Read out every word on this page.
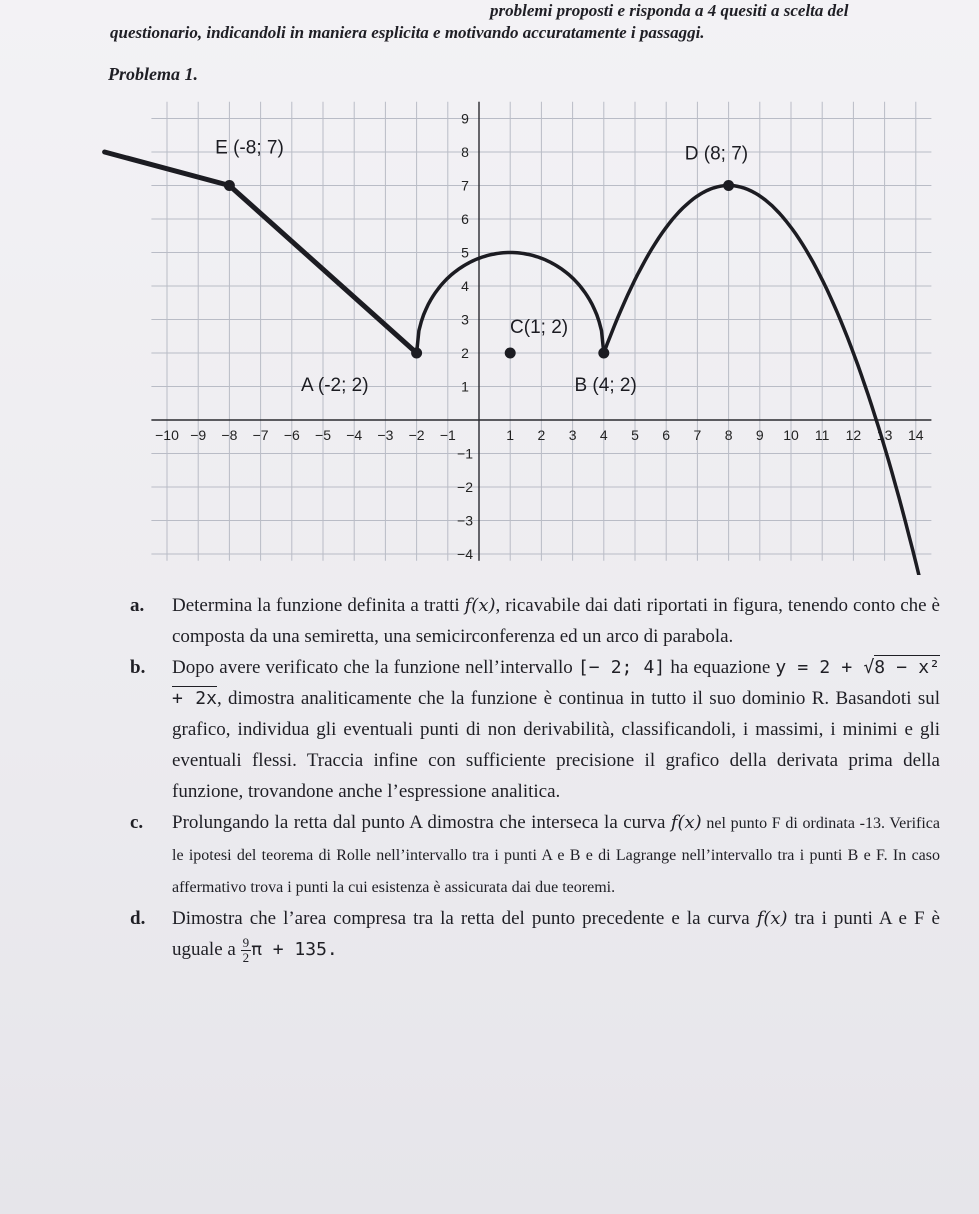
problemi proposti e risponda a 4 quesiti a scelta del
questionario, indicandoli in maniera esplicita e motivando accuratamente i passaggi.
Problema 1.
−10 −9 −8 −7 −6 −5 −4 −3 −2 −1	1 2 3 4 5 6 7 8 9 10 11 12 13 14
1
2
3
4
5
6
7
8
9
−1
−2
−3
−4
E (-8; 7)	D (8; 7)
C(1; 2)
A (-2; 2)	B (4; 2)
a. Determina la funzione definita a tratti f(x), ricavabile dai dati riportati in figura, tenendo conto che è composta da una semiretta, una semicirconferenza ed un arco di parabola.
b. Dopo avere verificato che la funzione nell’intervallo [− 2; 4] ha equazione y = 2 + √8 − x² + 2x, dimostra analiticamente che la funzione è continua in tutto il suo dominio R. Basandoti sul grafico, individua gli eventuali punti di non derivabilità, classificandoli, i massimi, i minimi e gli eventuali flessi. Traccia infine con sufficiente precisione il grafico della derivata prima della funzione, trovandone anche l’espressione analitica.
c. Prolungando la retta dal punto A dimostra che interseca la curva f(x) nel punto F di ordinata -13. Verifica le ipotesi del teorema di Rolle nell’intervallo tra i punti A e B e di Lagrange nell’intervallo tra i punti B e F. In caso affermativo trova i punti la cui esistenza è assicurata dai due teoremi.
d. Dimostra che l’area compresa tra la retta del punto precedente e la curva f(x) tra i punti A e F è uguale a $\frac{9}{2}$ π + 135.
